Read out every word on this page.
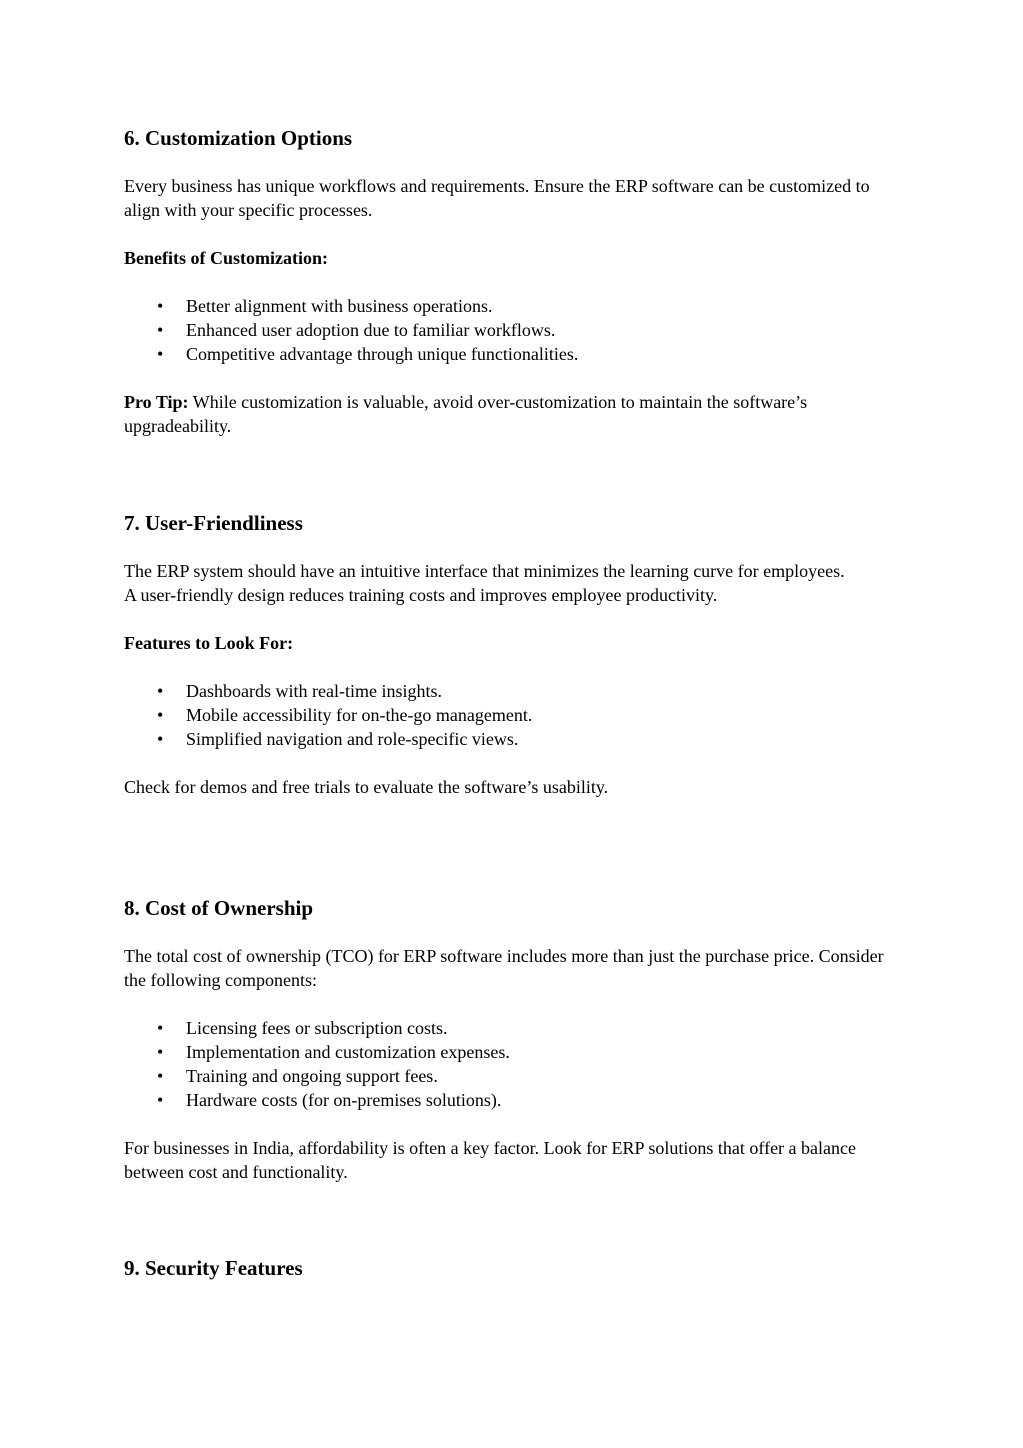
6. Customization Options

Every business has unique workflows and requirements. Ensure the ERP software can be customized to align with your specific processes.

Benefits of Customization:

• Better alignment with business operations.
• Enhanced user adoption due to familiar workflows.
• Competitive advantage through unique functionalities.

Pro Tip: While customization is valuable, avoid over-customization to maintain the software’s upgradeability.

7. User-Friendliness

The ERP system should have an intuitive interface that minimizes the learning curve for employees. A user-friendly design reduces training costs and improves employee productivity.

Features to Look For:

• Dashboards with real-time insights.
• Mobile accessibility for on-the-go management.
• Simplified navigation and role-specific views.

Check for demos and free trials to evaluate the software’s usability.

8. Cost of Ownership

The total cost of ownership (TCO) for ERP software includes more than just the purchase price. Consider the following components:

• Licensing fees or subscription costs.
• Implementation and customization expenses.
• Training and ongoing support fees.
• Hardware costs (for on-premises solutions).

For businesses in India, affordability is often a key factor. Look for ERP solutions that offer a balance between cost and functionality.

9. Security Features
